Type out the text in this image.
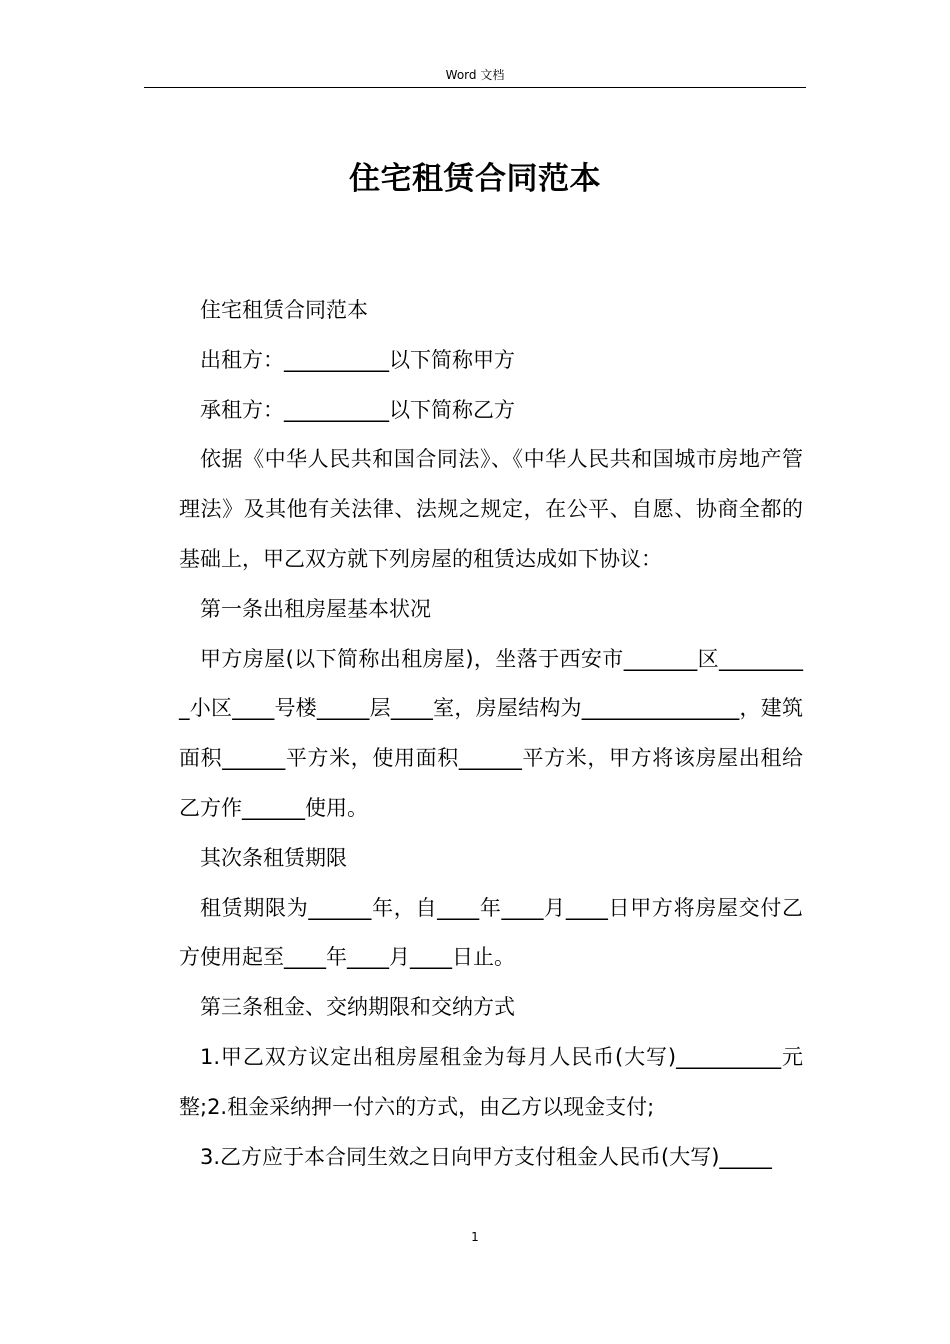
Word 文档
住宅租赁合同范本

住宅租赁合同范本

出租方：__________以下简称甲方

承租方：__________以下简称乙方

依据《中华人民共和国合同法》、《中华人民共和国城市房地产管理法》及其他有关法律、法规之规定，在公平、自愿、协商全都的基础上，甲乙双方就下列房屋的租赁达成如下协议：

第一条出租房屋基本状况

甲方房屋(以下简称出租房屋)，坐落于西安市_______区_________小区____号楼_____层____室，房屋结构为_______________，建筑面积______平方米，使用面积______平方米，甲方将该房屋出租给乙方作______使用。

其次条租赁期限

租赁期限为______年，自____年____月____日甲方将房屋交付乙方使用起至____年____月____日止。

第三条租金、交纳期限和交纳方式

1.甲乙双方议定出租房屋租金为每月人民币(大写)__________元整;2.租金采纳押一付六的方式，由乙方以现金支付;

3.乙方应于本合同生效之日向甲方支付租金人民币(大写)_____

1
